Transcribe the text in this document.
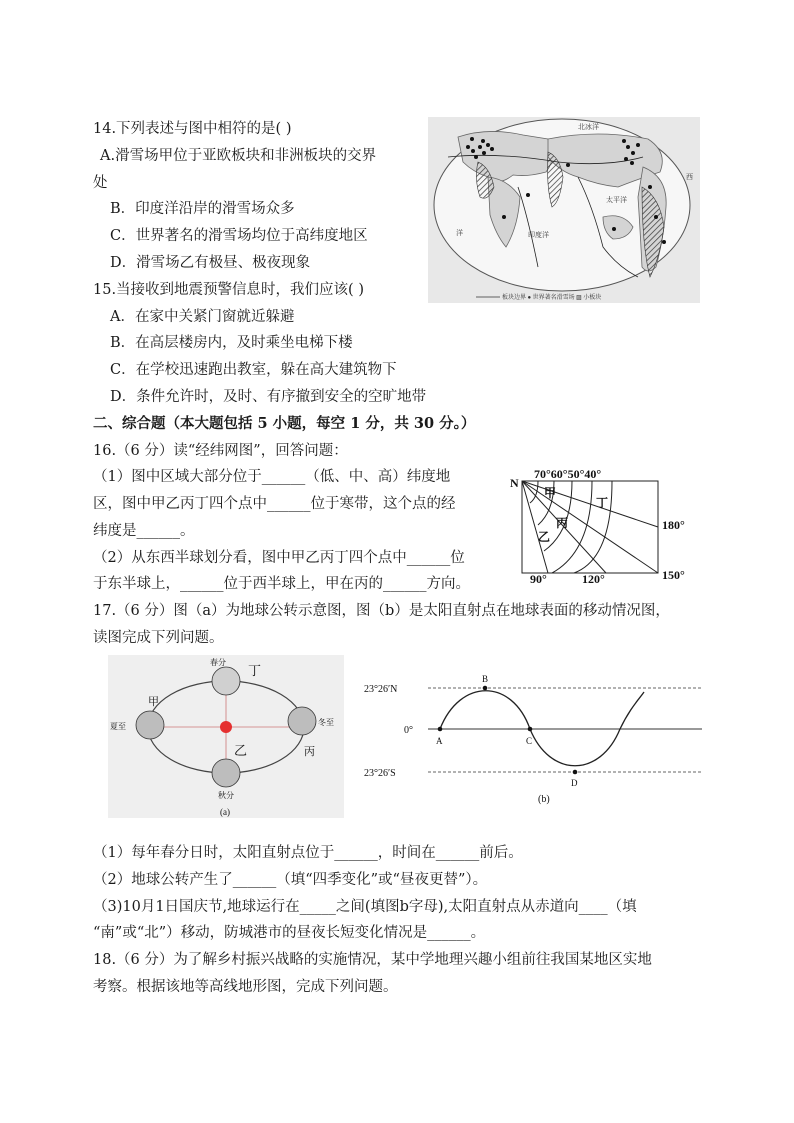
14.下列表述与图中相符的是( )
A.滑雪场甲位于亚欧板块和非洲板块的交界
处
B．印度洋沿岸的滑雪场众多
C．世界著名的滑雪场均位于高纬度地区
D．滑雪场乙有极昼、极夜现象
北冰洋
太平洋
印度洋
西
洋
板块边界 ● 世界著名滑雪场 ▨ 小板块
15.当接收到地震预警信息时，我们应该( )
A．在家中关紧门窗就近躲避
B．在高层楼房内，及时乘坐电梯下楼
C．在学校迅速跑出教室，躲在高大建筑物下
D．条件允许时，及时、有序撤到安全的空旷地带
二、综合题（本大题包括 5 小题，每空 1 分，共 30 分。）
16.（6 分）读“经纬网图”，回答问题：
（1）图中区域大部分位于______（低、中、高）纬度地
区，图中甲乙丙丁四个点中______位于寒带，这个点的经
纬度是______。
（2）从东西半球划分看，图中甲乙丙丁四个点中______位
于东半球上，______位于西半球上，甲在丙的______方向。
N
70°60°50°40°
180°
150°
90°	120°
甲
丁
丙
乙
17.（6 分）图（a）为地球公转示意图，图（b）是太阳直射点在地球表面的移动情况图，
读图完成下列问题。
春分
丁
甲
夏至	冬至
丙
乙
秋分
(a)
23°26′N
0°
23°26′S
A
B
C
D
(b)
（1）每年春分日时，太阳直射点位于______，时间在______前后。
（2）地球公转产生了______（填“四季变化”或“昼夜更替”）。
（3)10月1日国庆节,地球运行在_____之间(填图b字母),太阳直射点从赤道向____（填
“南”或“北”）移动，防城港市的昼夜长短变化情况是______。
18.（6 分）为了解乡村振兴战略的实施情况，某中学地理兴趣小组前往我国某地区实地
考察。根据该地等高线地形图，完成下列问题。
